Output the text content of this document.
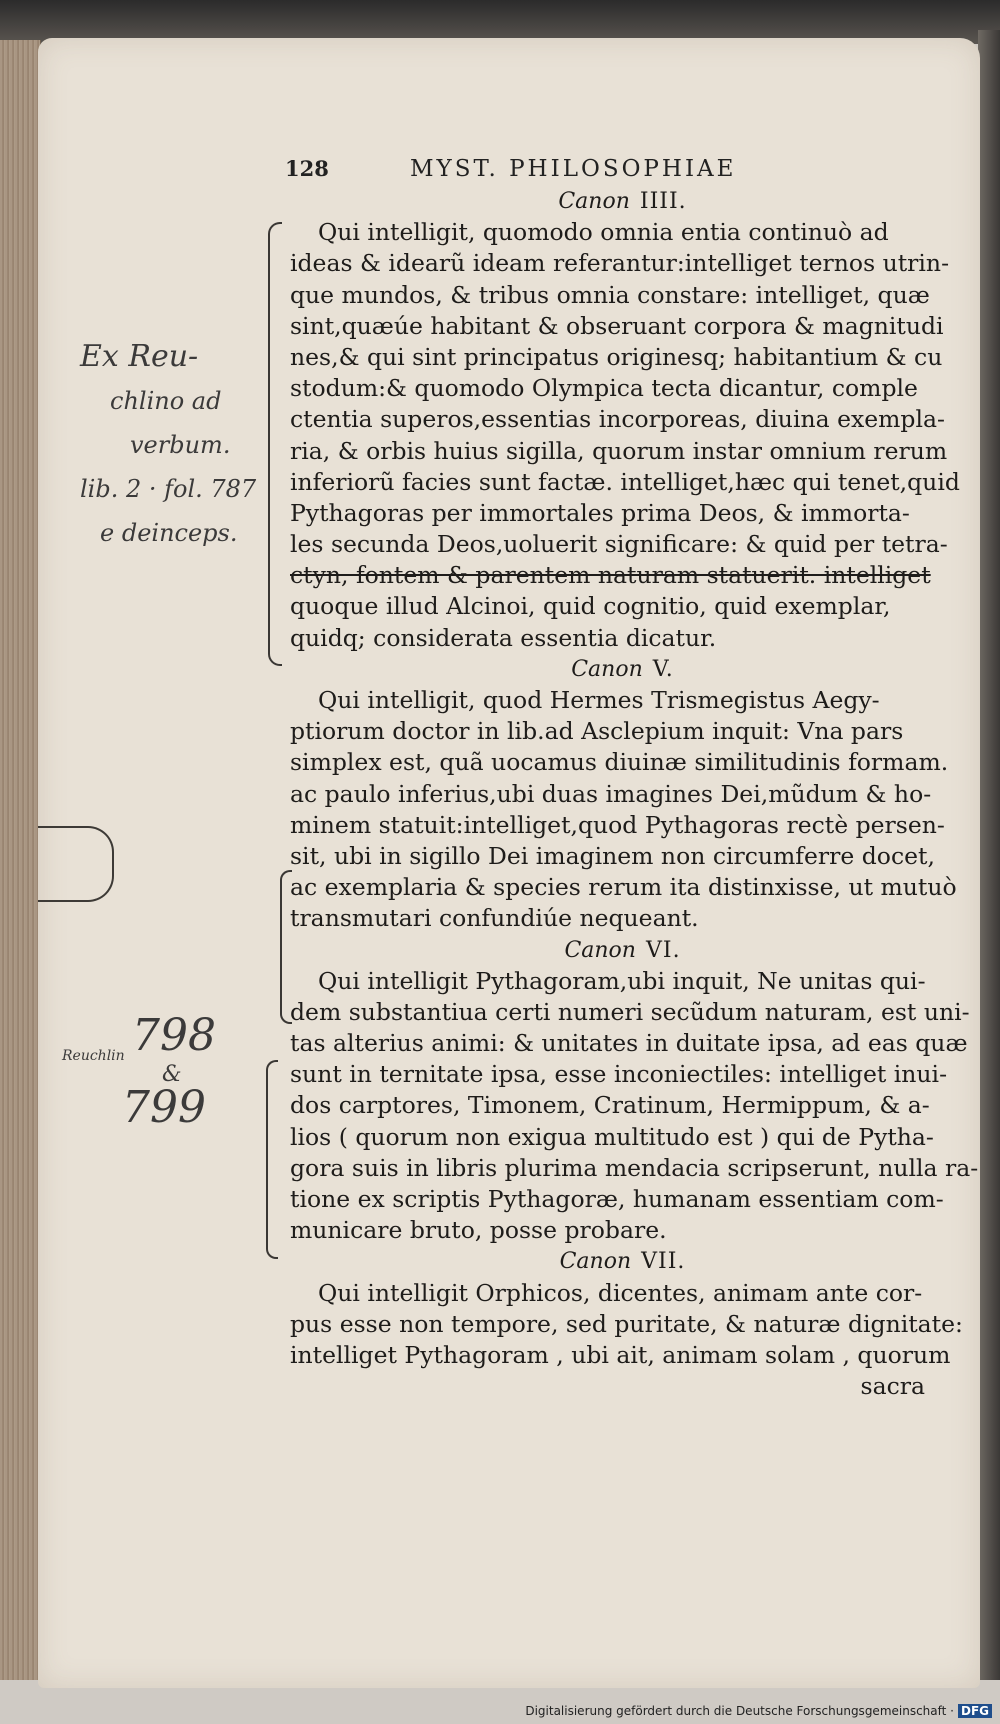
128	MYST. PHILOSOPHIAE
Ex Reu-
chlino ad
verbum.
lib. 2 · fol. 787
e deinceps.
798
Reuchlin
&
799
Canon IIII.
Qui intelligit, quomodo omnia entia continuò ad
ideas & idearũ ideam referantur:intelliget ternos utrin-
que mundos, & tribus omnia constare: intelliget, quæ
sint,quæúe habitant & obseruant corpora & magnitudi
nes,& qui sint principatus originesq; habitantium & cu
stodum:& quomodo Olympica tecta dicantur, comple
ctentia superos,essentias incorporeas, diuina exempla-
ria, & orbis huius sigilla, quorum instar omnium rerum
inferiorũ facies sunt factæ. intelliget,hæc qui tenet,quid
Pythagoras per immortales prima Deos, & immorta-
les secunda Deos,uoluerit significare: & quid per tetra-
ctyn, fontem & parentem naturam statuerit. intelliget
quoque illud Alcinoi, quid cognitio, quid exemplar,
quidq; considerata essentia dicatur.
Canon V.
Qui intelligit, quod Hermes Trismegistus Aegy-
ptiorum doctor in lib.ad Asclepium inquit: Vna pars
simplex est, quã uocamus diuinæ similitudinis formam.
ac paulo inferius,ubi duas imagines Dei,mũdum & ho-
minem statuit:intelliget,quod Pythagoras rectè persen-
sit, ubi in sigillo Dei imaginem non circumferre docet,
ac exemplaria & species rerum ita distinxisse, ut mutuò
transmutari confundiúe nequeant.
Canon VI.
Qui intelligit Pythagoram,ubi inquit, Ne unitas qui-
dem substantiua certi numeri secũdum naturam, est uni-
tas alterius animi: & unitates in duitate ipsa, ad eas quæ
sunt in ternitate ipsa, esse inconiectiles: intelliget inui-
dos carptores, Timonem, Cratinum, Hermippum, & a-
lios ( quorum non exigua multitudo est ) qui de Pytha-
gora suis in libris plurima mendacia scripserunt, nulla ra-
tione ex scriptis Pythagoræ, humanam essentiam com-
municare bruto, posse probare.
Canon VII.
Qui intelligit Orphicos, dicentes, animam ante cor-
pus esse non tempore, sed puritate, & naturæ dignitate:
intelliget Pythagoram , ubi ait, animam solam , quorum
sacra
Digitalisierung gefördert durch die Deutsche Forschungsgemeinschaft · DFG
